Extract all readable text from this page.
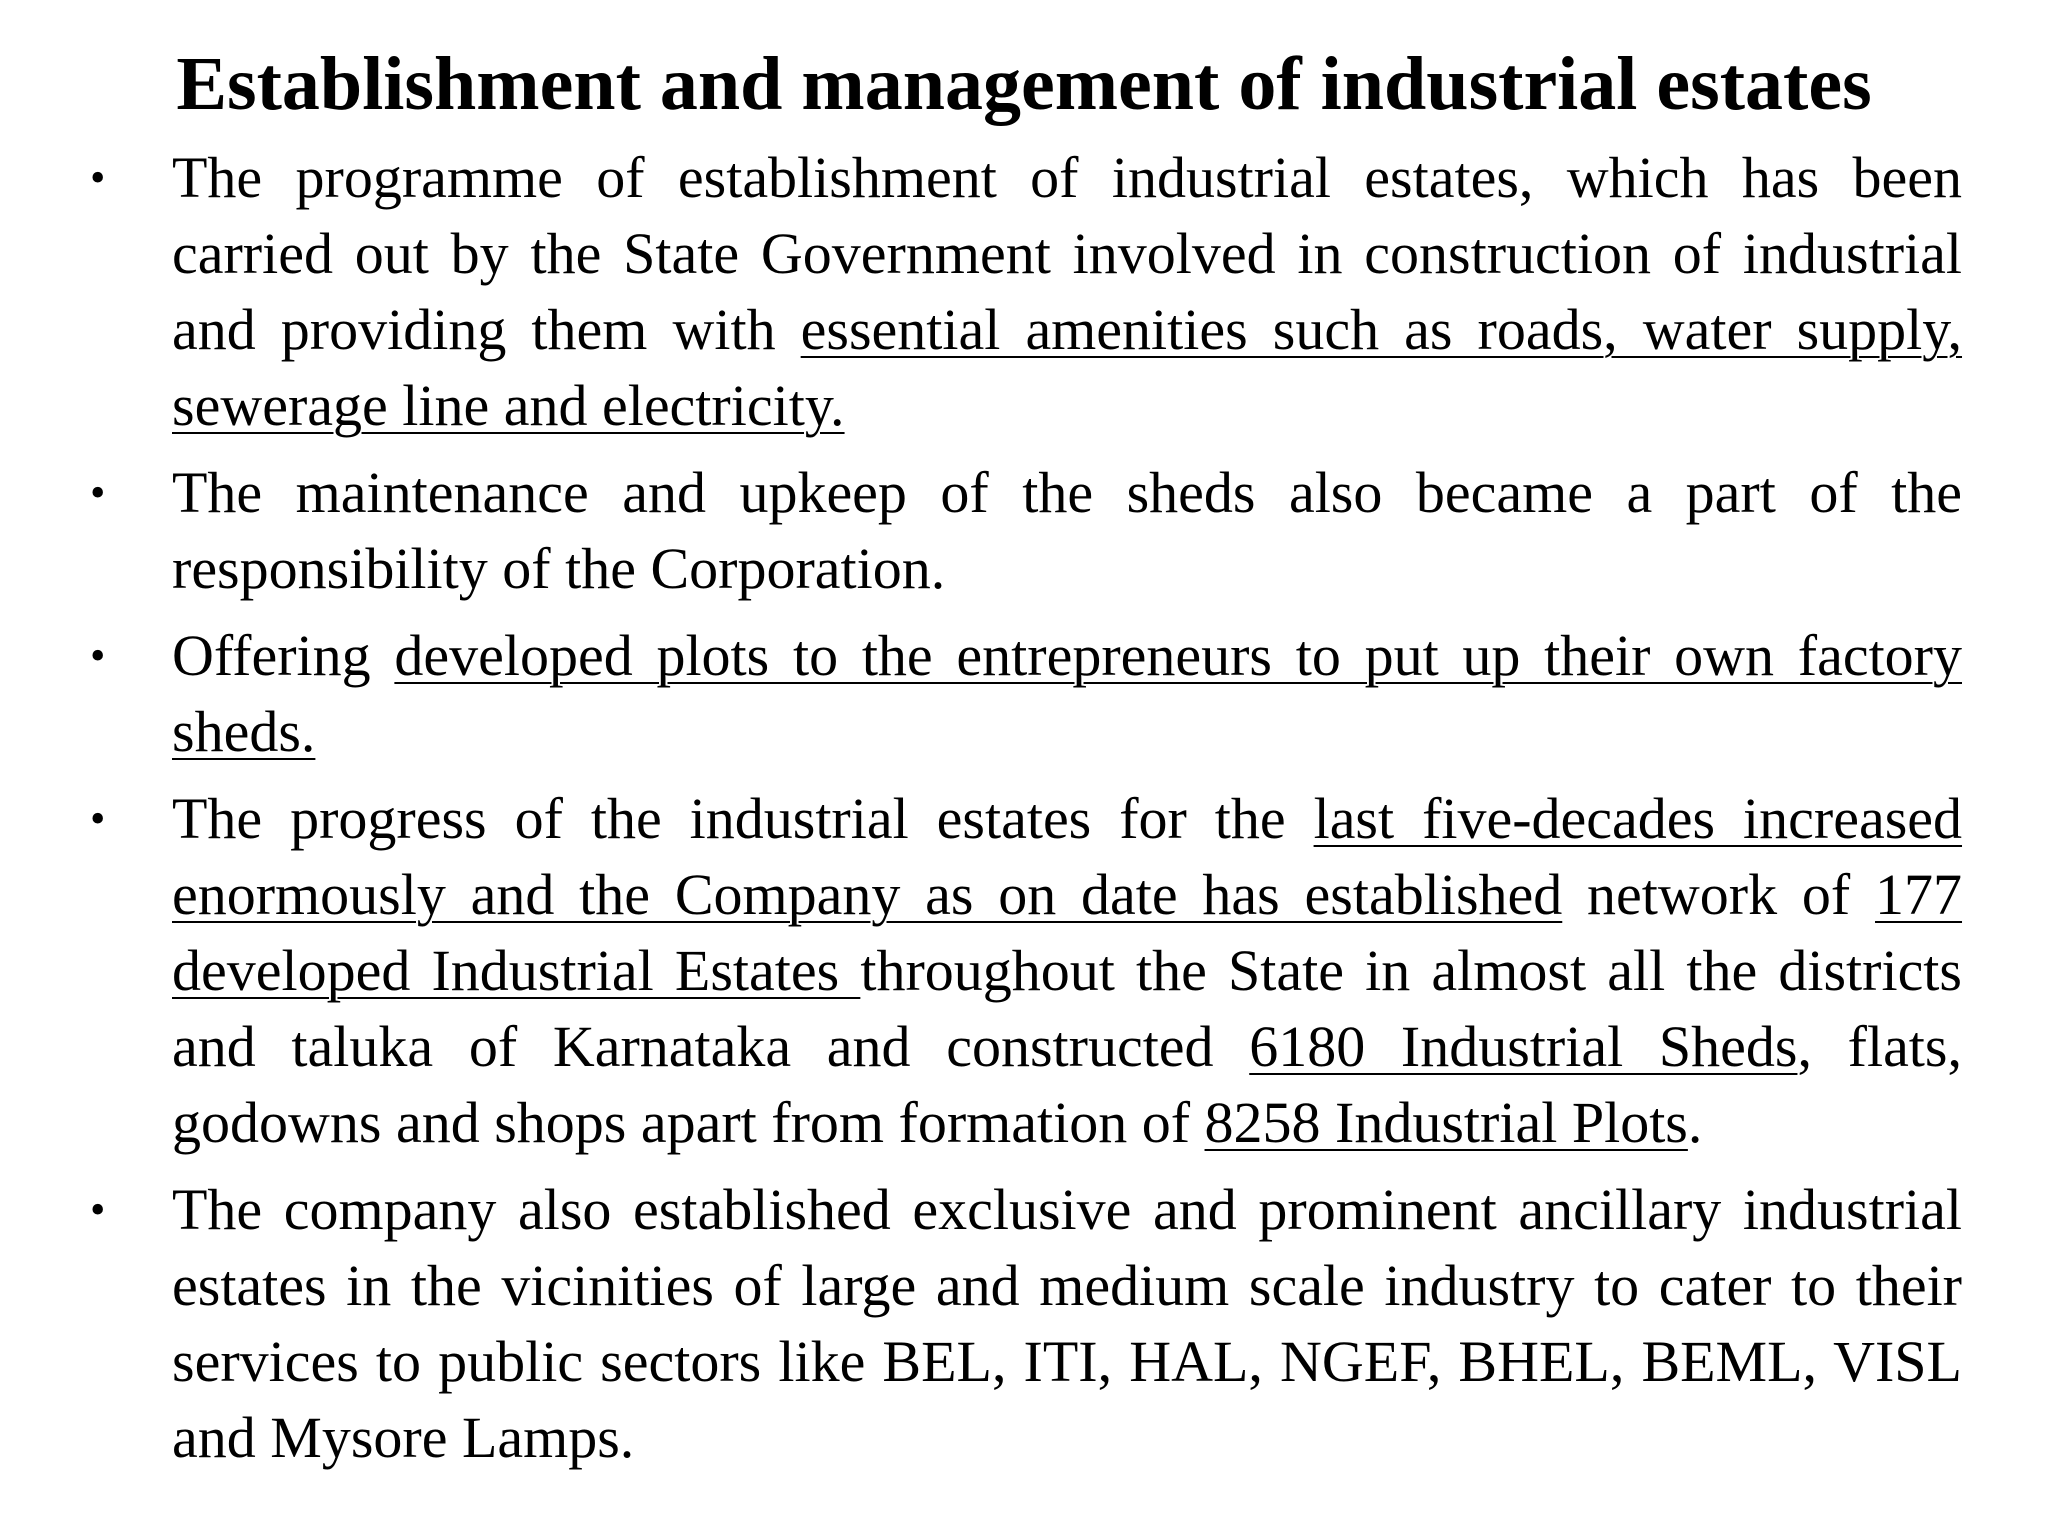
Establishment and management of industrial estates
• The programme of establishment of industrial estates, which has been carried out by the State Government involved in construction of industrial and providing them with essential amenities such as roads, water supply, sewerage line and electricity.
• The maintenance and upkeep of the sheds also became a part of the responsibility of the Corporation.
• Offering developed plots to the entrepreneurs to put up their own factory sheds.
• The progress of the industrial estates for the last five-decades increased enormously and the Company as on date has established network of 177 developed Industrial Estates throughout the State in almost all the districts and taluka of Karnataka and constructed 6180 Industrial Sheds, flats, godowns and shops apart from formation of 8258 Industrial Plots.
• The company also established exclusive and prominent ancillary industrial estates in the vicinities of large and medium scale industry to cater to their services to public sectors like BEL, ITI, HAL, NGEF, BHEL, BEML, VISL and Mysore Lamps.
